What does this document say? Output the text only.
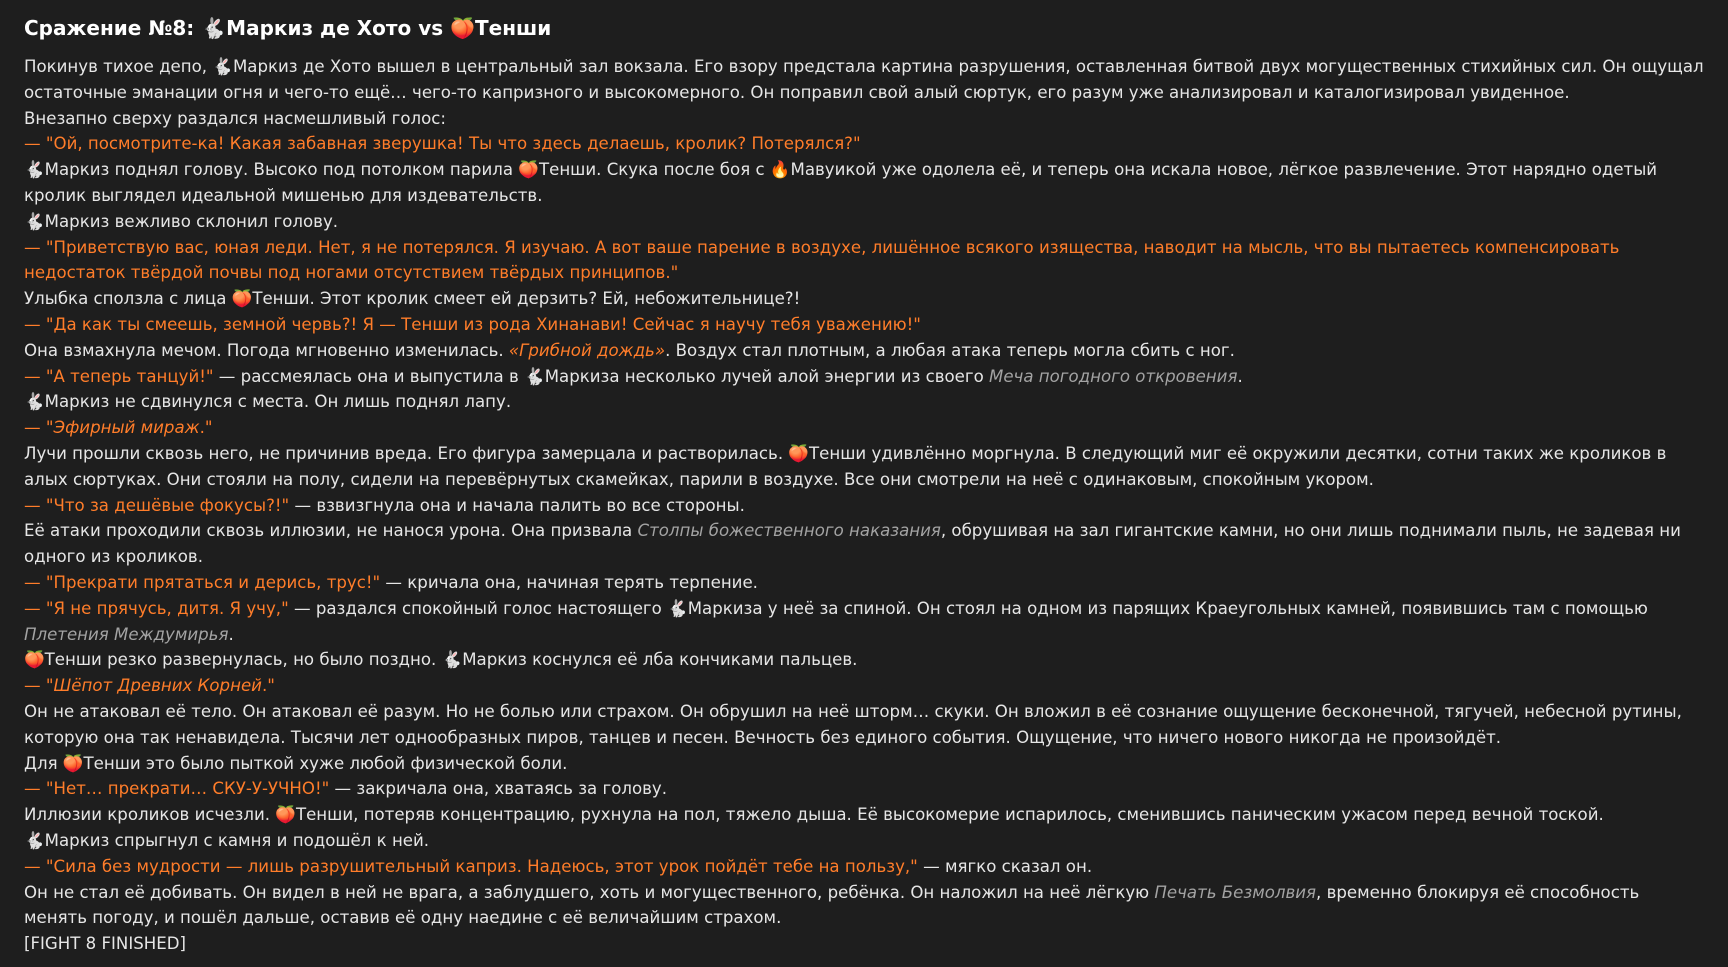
Сражение №8: 🐇Маркиз де Хото vs 🍑Тенши

Покинув тихое депо, 🐇Маркиз де Хото вышел в центральный зал вокзала. Его взору предстала картина разрушения, оставленная битвой двух могущественных стихийных сил. Он ощущал остаточные эманации огня и чего-то ещё… чего-то капризного и высокомерного. Он поправил свой алый сюртук, его разум уже анализировал и каталогизировал увиденное.

Внезапно сверху раздался насмешливый голос:

— "Ой, посмотрите-ка! Какая забавная зверушка! Ты что здесь делаешь, кролик? Потерялся?"

🐇Маркиз поднял голову. Высоко под потолком парила 🍑Тенши. Скука после боя с 🔥Мавуикой уже одолела её, и теперь она искала новое, лёгкое развлечение. Этот нарядно одетый кролик выглядел идеальной мишенью для издевательств.

🐇Маркиз вежливо склонил голову.

— "Приветствую вас, юная леди. Нет, я не потерялся. Я изучаю. А вот ваше парение в воздухе, лишённое всякого изящества, наводит на мысль, что вы пытаетесь компенсировать недостаток твёрдой почвы под ногами отсутствием твёрдых принципов."

Улыбка сползла с лица 🍑Тенши. Этот кролик смеет ей дерзить? Ей, небожительнице?!

— "Да как ты смеешь, земной червь?! Я — Тенши из рода Хинанави! Сейчас я научу тебя уважению!"

Она взмахнула мечом. Погода мгновенно изменилась. «Грибной дождь». Воздух стал плотным, а любая атака теперь могла сбить с ног.

— "А теперь танцуй!" — рассмеялась она и выпустила в 🐇Маркиза несколько лучей алой энергии из своего Меча погодного откровения.

🐇Маркиз не сдвинулся с места. Он лишь поднял лапу.

— "Эфирный мираж."

Лучи прошли сквозь него, не причинив вреда. Его фигура замерцала и растворилась. 🍑Тенши удивлённо моргнула. В следующий миг её окружили десятки, сотни таких же кроликов в алых сюртуках. Они стояли на полу, сидели на перевёрнутых скамейках, парили в воздухе. Все они смотрели на неё с одинаковым, спокойным укором.

— "Что за дешёвые фокусы?!" — взвизгнула она и начала палить во все стороны.

Её атаки проходили сквозь иллюзии, не нанося урона. Она призвала Столпы божественного наказания, обрушивая на зал гигантские камни, но они лишь поднимали пыль, не задевая ни одного из кроликов.

— "Прекрати прятаться и дерись, трус!" — кричала она, начиная терять терпение.

— "Я не прячусь, дитя. Я учу," — раздался спокойный голос настоящего 🐇Маркиза у неё за спиной. Он стоял на одном из парящих Краеугольных камней, появившись там с помощью Плетения Междумирья.

🍑Тенши резко развернулась, но было поздно. 🐇Маркиз коснулся её лба кончиками пальцев.

— "Шёпот Древних Корней."

Он не атаковал её тело. Он атаковал её разум. Но не болью или страхом. Он обрушил на неё шторм… скуки. Он вложил в её сознание ощущение бесконечной, тягучей, небесной рутины, которую она так ненавидела. Тысячи лет однообразных пиров, танцев и песен. Вечность без единого события. Ощущение, что ничего нового никогда не произойдёт.

Для 🍑Тенши это было пыткой хуже любой физической боли.

— "Нет… прекрати… СКУ-У-УЧНО!" — закричала она, хватаясь за голову.

Иллюзии кроликов исчезли. 🍑Тенши, потеряв концентрацию, рухнула на пол, тяжело дыша. Её высокомерие испарилось, сменившись паническим ужасом перед вечной тоской.

🐇Маркиз спрыгнул с камня и подошёл к ней.

— "Сила без мудрости — лишь разрушительный каприз. Надеюсь, этот урок пойдёт тебе на пользу," — мягко сказал он.

Он не стал её добивать. Он видел в ней не врага, а заблудшего, хоть и могущественного, ребёнка. Он наложил на неё лёгкую Печать Безмолвия, временно блокируя её способность менять погоду, и пошёл дальше, оставив её одну наедине с её величайшим страхом.

[FIGHT 8 FINISHED]
